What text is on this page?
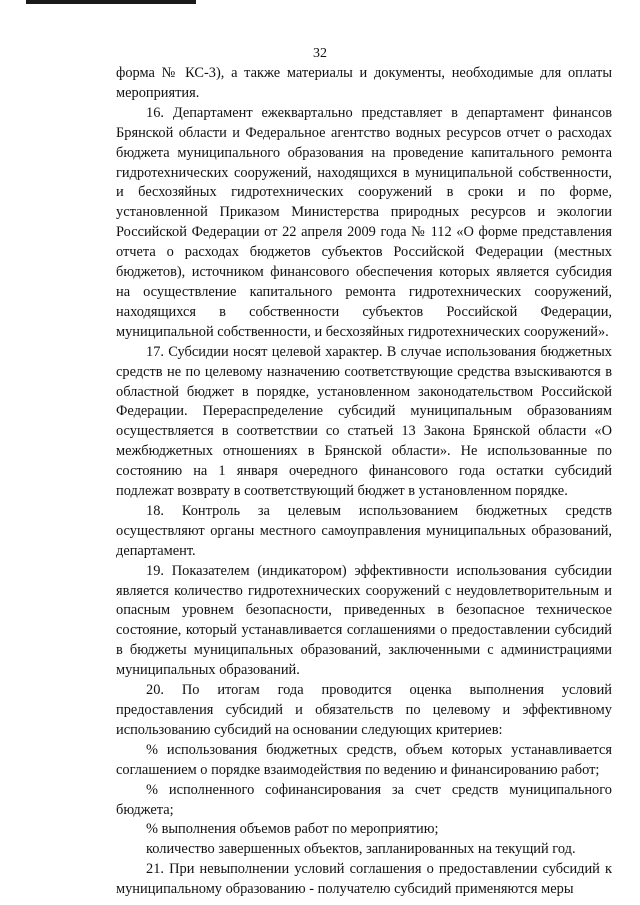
32

форма № КС-3), а также материалы и документы, необходимые для оплаты мероприятия.

16. Департамент ежеквартально представляет в департамент финансов Брянской области и Федеральное агентство водных ресурсов отчет о расходах бюджета муниципального образования на проведение капитального ремонта гидротехнических сооружений, находящихся в муниципальной собственности, и бесхозяйных гидротехнических сооружений в сроки и по форме, установленной Приказом Министерства природных ресурсов и экологии Российской Федерации от 22 апреля 2009 года № 112 «О форме представления отчета о расходах бюджетов субъектов Российской Федерации (местных бюджетов), источником финансового обеспечения которых является субсидия на осуществление капитального ремонта гидротехнических сооружений, находящихся в собственности субъектов Российской Федерации, муниципальной собственности, и бесхозяйных гидротехнических сооружений».

17. Субсидии носят целевой характер. В случае использования бюджетных средств не по целевому назначению соответствующие средства взыскиваются в областной бюджет в порядке, установленном законодательством Российской Федерации. Перераспределение субсидий муниципальным образованиям осуществляется в соответствии со статьей 13 Закона Брянской области «О межбюджетных отношениях в Брянской области». Не использованные по состоянию на 1 января очередного финансового года остатки субсидий подлежат возврату в соответствующий бюджет в установленном порядке.

18. Контроль за целевым использованием бюджетных средств осуществляют органы местного самоуправления муниципальных образований, департамент.

19. Показателем (индикатором) эффективности использования субсидии является количество гидротехнических сооружений с неудовлетворительным и опасным уровнем безопасности, приведенных в безопасное техническое состояние, который устанавливается соглашениями о предоставлении субсидий в бюджеты муниципальных образований, заключенными с администрациями муниципальных образований.

20. По итогам года проводится оценка выполнения условий предоставления субсидий и обязательств по целевому и эффективному использованию субсидий на основании следующих критериев:

% использования бюджетных средств, объем которых устанавливается соглашением о порядке взаимодействия по ведению и финансированию работ;

% исполненного софинансирования за счет средств муниципального бюджета;

% выполнения объемов работ по мероприятию;

количество завершенных объектов, запланированных на текущий год.

21. При невыполнении условий соглашения о предоставлении субсидий к муниципальному образованию - получателю субсидий применяются меры
